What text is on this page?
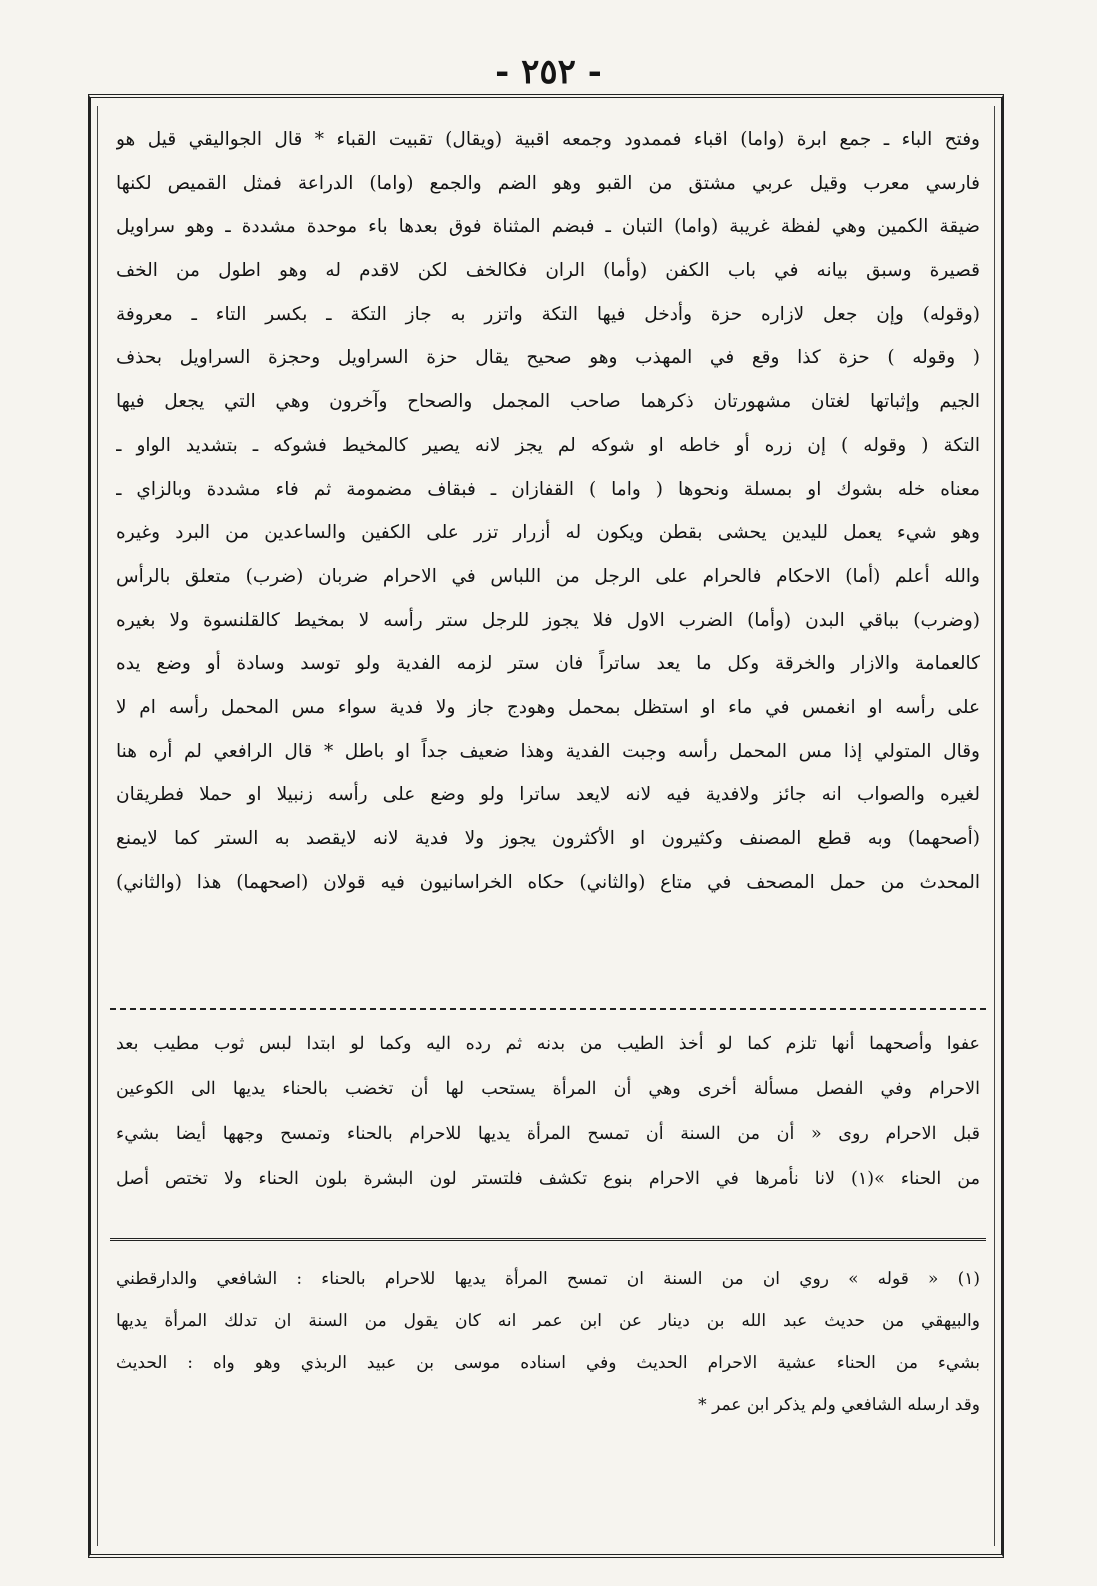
- ٢٥٢ -
وفتح الباء ـ جمع ابرة (واما) اقباء فممدود وجمعه اقبية (ويقال) تقبيت القباء * قال الجواليقي قيل هو
فارسي معرب وقيل عربي مشتق من القبو وهو الضم والجمع (واما) الدراعة فمثل القميص لكنها
ضيقة الكمين وهي لفظة غريبة (واما) التبان ـ فبضم المثناة فوق بعدها باء موحدة مشددة ـ وهو سراويل
قصيرة وسبق بيانه في باب الكفن (وأما) الران فكالخف لكن لاقدم له وهو اطول من الخف
(وقوله) وإن جعل لازاره حزة وأدخل فيها التكة واتزر به جاز التكة ـ بكسر التاء ـ معروفة
( وقوله ) حزة كذا وقع في المهذب وهو صحيح يقال حزة السراويل وحجزة السراويل بحذف
الجيم وإثباتها لغتان مشهورتان ذكرهما صاحب المجمل والصحاح وآخرون وهي التي يجعل فيها
التكة ( وقوله ) إن زره أو خاطه او شوكه لم يجز لانه يصير كالمخيط فشوكه ـ بتشديد الواو ـ
معناه خله بشوك او بمسلة ونحوها ( واما ) القفازان ـ فبقاف مضمومة ثم فاء مشددة وبالزاي ـ
وهو شيء يعمل لليدين يحشى بقطن ويكون له أزرار تزر على الكفين والساعدين من البرد وغيره
والله أعلم (أما) الاحكام فالحرام على الرجل من اللباس في الاحرام ضربان (ضرب) متعلق بالرأس
(وضرب) بباقي البدن (وأما) الضرب الاول فلا يجوز للرجل ستر رأسه لا بمخيط كالقلنسوة ولا بغيره
كالعمامة والازار والخرقة وكل ما يعد ساتراً فان ستر لزمه الفدية ولو توسد وسادة أو وضع يده
على رأسه او انغمس في ماء او استظل بمحمل وهودج جاز ولا فدية سواء مس المحمل رأسه ام لا
وقال المتولي إذا مس المحمل رأسه وجبت الفدية وهذا ضعيف جداً او باطل * قال الرافعي لم أره هنا
لغيره والصواب انه جائز ولافدية فيه لانه لايعد ساترا ولو وضع على رأسه زنبيلا او حملا فطريقان
(أصحهما) وبه قطع المصنف وكثيرون او الأكثرون يجوز ولا فدية لانه لايقصد به الستر كما لايمنع
المحدث من حمل المصحف في متاع (والثاني) حكاه الخراسانيون فيه قولان (اصحهما) هذا (والثاني)
عفوا وأصحهما أنها تلزم كما لو أخذ الطيب من بدنه ثم رده اليه وكما لو ابتدا لبس ثوب مطيب بعد
الاحرام وفي الفصل مسألة أخرى وهي أن المرأة يستحب لها أن تخضب بالحناء يديها الى الكوعين
قبل الاحرام روى « أن من السنة أن تمسح المرأة يديها للاحرام بالحناء وتمسح وجهها أيضا بشيء
من الحناء »(١) لانا نأمرها في الاحرام بنوع تكشف فلتستر لون البشرة بلون الحناء ولا تختص أصل
(١) « قوله » روي ان من السنة ان تمسح المرأة يديها للاحرام بالحناء : الشافعي والدارقطني
والبيهقي من حديث عبد الله بن دينار عن ابن عمر انه كان يقول من السنة ان تدلك المرأة يديها
بشيء من الحناء عشية الاحرام الحديث وفي اسناده موسى بن عبيد الربذي وهو واه : الحديث
وقد ارسله الشافعي ولم يذكر ابن عمر *
